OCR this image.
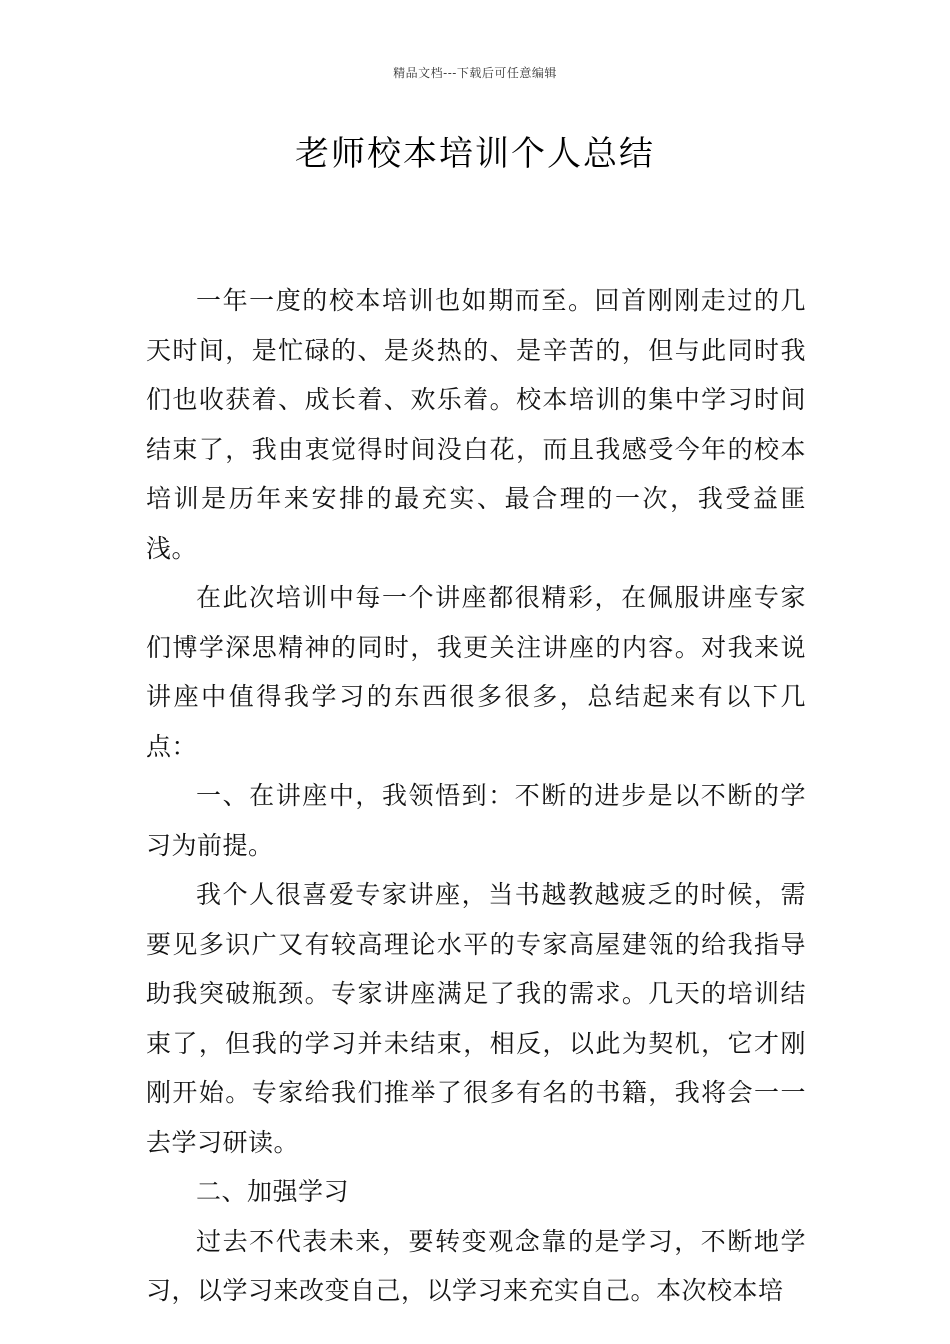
精品文档---下载后可任意编辑
老师校本培训个人总结

一年一度的校本培训也如期而至。回首刚刚走过的几天时间，是忙碌的、是炎热的、是辛苦的，但与此同时我们也收获着、成长着、欢乐着。校本培训的集中学习时间结束了，我由衷觉得时间没白花，而且我感受今年的校本培训是历年来安排的最充实、最合理的一次，我受益匪浅。

在此次培训中每一个讲座都很精彩，在佩服讲座专家们博学深思精神的同时，我更关注讲座的内容。对我来说讲座中值得我学习的东西很多很多，总结起来有以下几点：

一、在讲座中，我领悟到：不断的进步是以不断的学习为前提。

我个人很喜爱专家讲座，当书越教越疲乏的时候，需要见多识广又有较高理论水平的专家高屋建瓴的给我指导助我突破瓶颈。专家讲座满足了我的需求。几天的培训结束了，但我的学习并未结束，相反，以此为契机，它才刚刚开始。专家给我们推举了很多有名的书籍，我将会一一去学习研读。

二、加强学习

过去不代表未来，要转变观念靠的是学习，不断地学习，以学习来改变自己，以学习来充实自己。本次校本培
